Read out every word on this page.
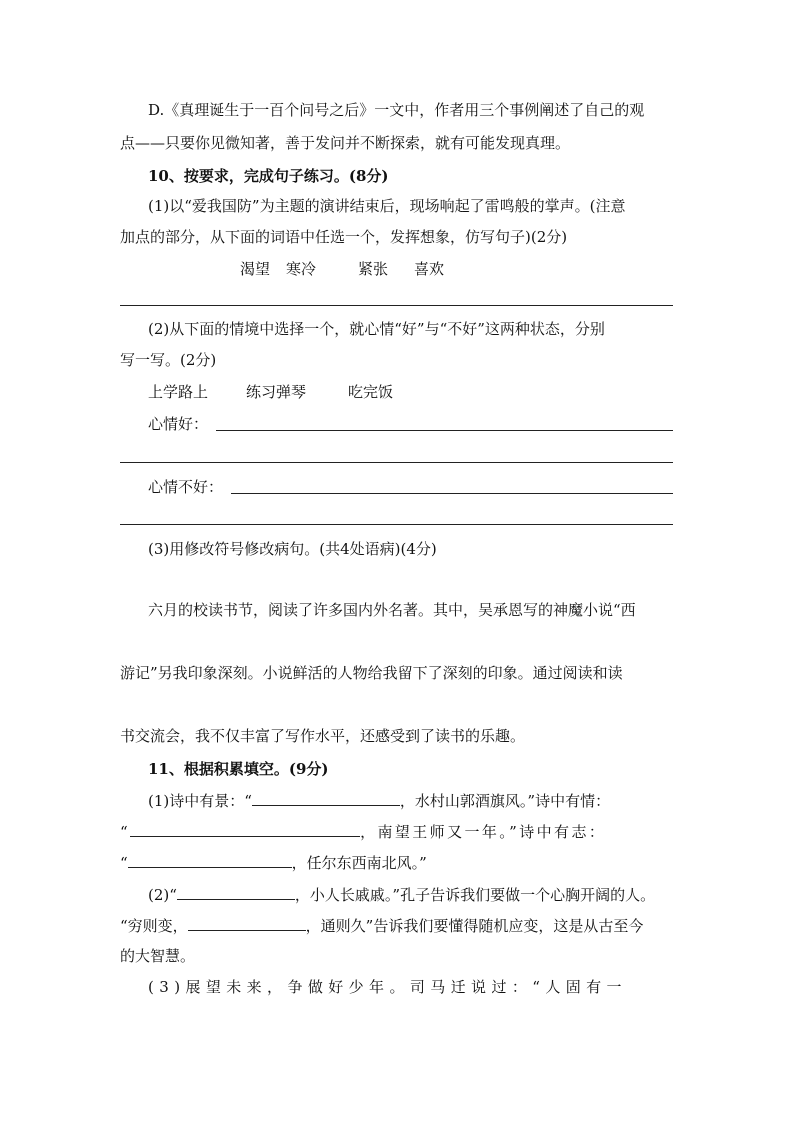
D.《真理诞生于一百个问号之后》一文中，作者用三个事例阐述了自己的观
点——只要你见微知著，善于发问并不断探索，就有可能发现真理。
10、按要求，完成句子练习。(8分)
(1)以“爱我国防”为主题的演讲结束后，现场响起了雷鸣般的掌声。(注意
加点的部分，从下面的词语中任选一个，发挥想象，仿写句子)(2分)
渴望 寒冷	紧张 喜欢
(2)从下面的情境中选择一个，就心情“好”与“不好”这两种状态，分别
写一写。(2分)
上学路上	练习弹琴	吃完饭
心情好：
心情不好：
(3)用修改符号修改病句。(共4处语病)(4分)
六月的校读书节，阅读了许多国内外名著。其中，吴承恩写的神魔小说“西
游记”另我印象深刻。小说鲜活的人物给我留下了深刻的印象。通过阅读和读
书交流会，我不仅丰富了写作水平，还感受到了读书的乐趣。
11、根据积累填空。(9分)
(1)诗中有景：“	，水村山郭酒旗风。”诗中有情：
“	，南望王师又一年。”诗中有志：
“	，任尔东西南北风。”
(2)“	，小人长戚戚。”孔子告诉我们要做一个心胸开阔的人。
“穷则变，	，通则久”告诉我们要懂得随机应变，这是从古至今
的大智慧。
(3)展望未来，争做好少年。司马迁说过：“人固有一
